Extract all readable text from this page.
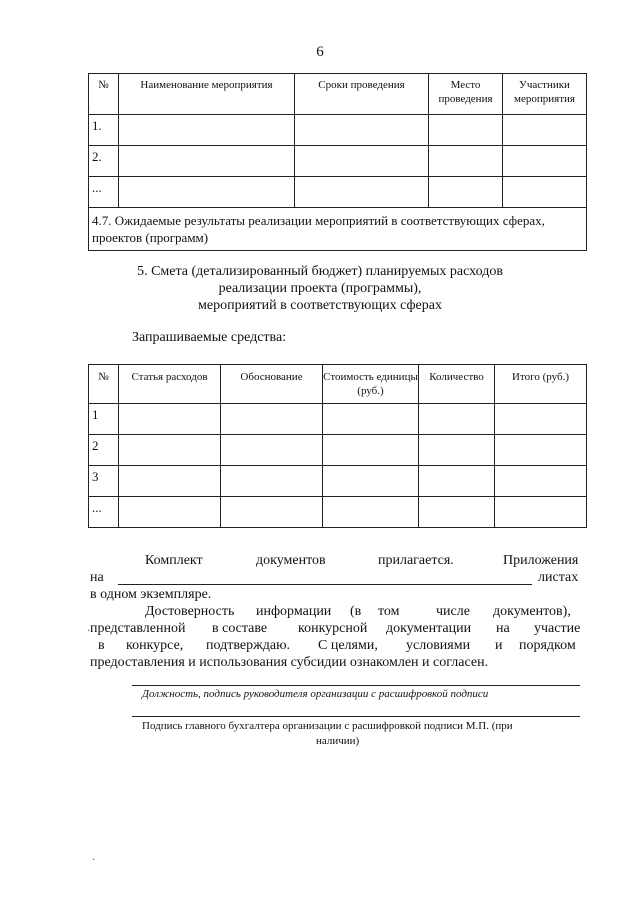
6
·
№	Наименование мероприятия	Сроки проведения	Место проведения	Участники мероприятия
1.				
2.				
...				
4.7. Ожидаемые результаты реализации мероприятий в соответствующих сферах, проектов (программ)				
5. Смета (детализированный бюджет) планируемых расходов
реализации проекта (программы),
мероприятий в соответствующих сферах
Запрашиваемые средства:
№	Статья расходов	Обоснование	Стоимость единицы (руб.)	Количество	Итого (руб.)
1					
2					
3					
...					
Комплект	документов	прилагается.	Приложения
на	листах
в одном экземпляре.
Достоверность информации (в том	числе документов),
представленной в составе конкурсной документации на участие
в конкурсе, подтверждаю. С целями, условиями и порядком
предоставления и использования субсидии ознакомлен и согласен.
·
Должность, подпись руководителя организации с расшифровкой подписи
Подпись главного бухгалтера организации с расшифровкой подписи М.П. (при
наличии)
·
